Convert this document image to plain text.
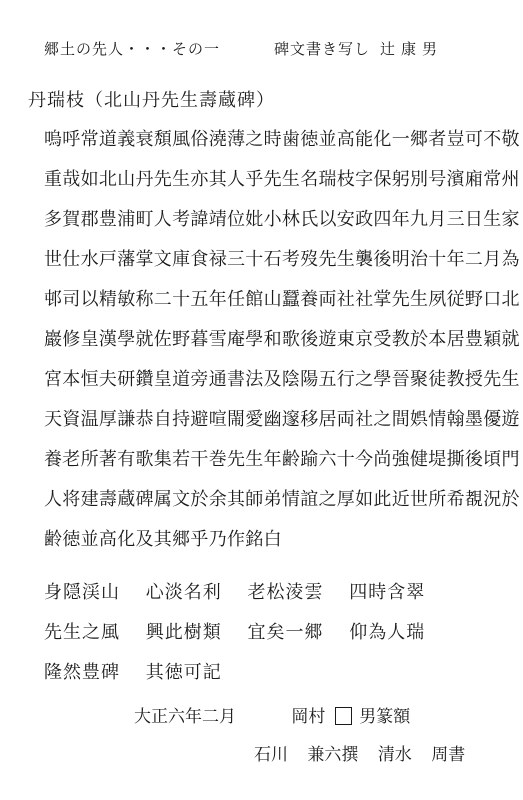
郷土の先人・・・その一	碑文書き写し 辻康男
丹瑞枝（北山丹先生壽蔵碑）
嗚呼常道義衰頽風俗澆薄之時歯徳並高能化一郷者豈可不敬
重哉如北山丹先生亦其人乎先生名瑞枝字保躬別号濱廂常州
多賀郡豊浦町人考諱靖位妣小林氏以安政四年九月三日生家
世仕水戸藩掌文庫食禄三十石考歿先生襲後明治十年二月為
邨司以精敏称二十五年任館山蠶養両社社掌先生夙従野口北
巖修皇漢學就佐野暮雪庵學和歌後遊東京受教於本居豊穎就
宮本恒夫研鑽皇道旁通書法及陰陽五行之學晉聚徒教授先生
天資温厚謙恭自持避喧閙愛幽邃移居両社之間娯情翰墨優遊
養老所著有歌集若干巻先生年齢踰六十今尚強健堤撕後頃門
人将建壽蔵碑属文於余其師弟情誼之厚如此近世所希覩況於
齢徳並高化及其郷乎乃作銘白
身隠渓山 心淡名利 老松淩雲 四時含翠
先生之風 興此樹類 宜矣一郷 仰為人瑞
隆然豊碑 其徳可記
大正六年二月	岡村 男篆額
石川 兼六撰 清水 周書
